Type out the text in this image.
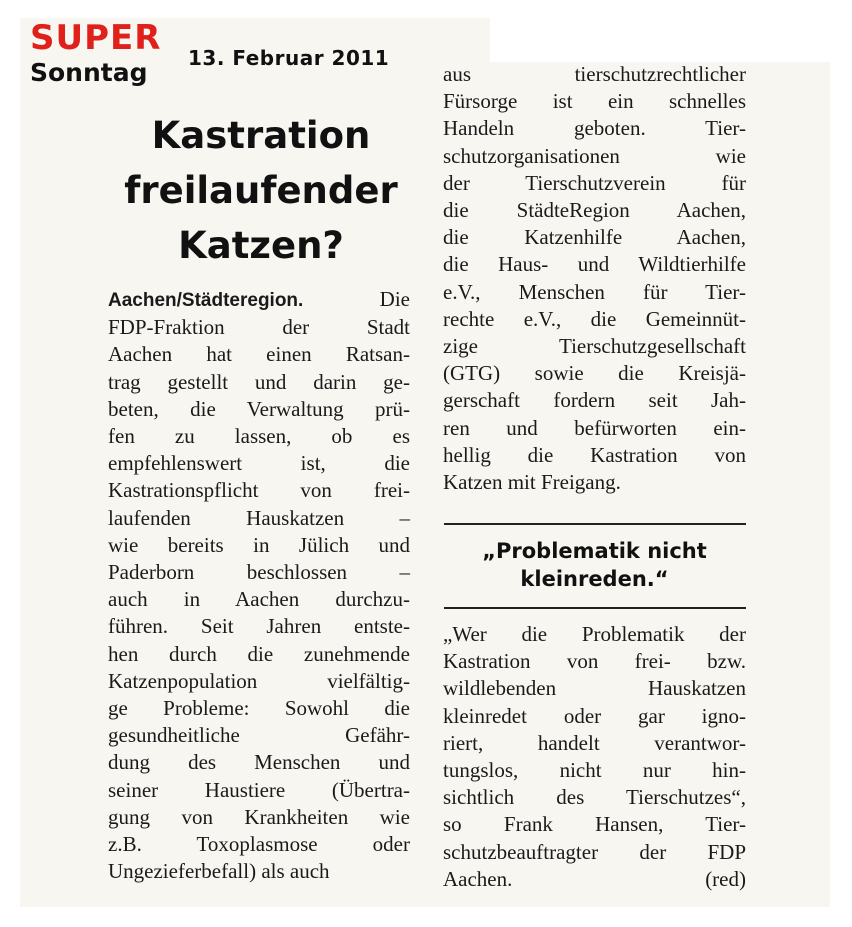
SUPER
Sonntag 13. Februar 2011
Kastration
freilaufender
Katzen?
Aachen/Städteregion.	Die
FDP-Fraktion der Stadt
Aachen hat einen Ratsan-
trag gestellt und darin ge-
beten, die Verwaltung prü-
fen zu lassen, ob es
empfehlenswert ist, die
Kastrationspflicht von frei-
laufenden Hauskatzen –
wie bereits in Jülich und
Paderborn beschlossen –
auch in Aachen durchzu-
führen. Seit Jahren entste-
hen durch die zunehmende
Katzenpopulation vielfältig-
ge Probleme: Sowohl die
gesundheitliche Gefähr-
dung des Menschen und
seiner Haustiere (Übertra-
gung von Krankheiten wie
z.B. Toxoplasmose oder
Ungezieferbefall) als auch
aus tierschutzrechtlicher
Fürsorge ist ein schnelles
Handeln geboten. Tier-
schutzorganisationen wie
der Tierschutzverein für
die StädteRegion Aachen,
die Katzenhilfe Aachen,
die Haus- und Wildtierhilfe
e.V., Menschen für Tier-
rechte e.V., die Gemeinnüt-
zige Tierschutzgesellschaft
(GTG) sowie die Kreisjä-
gerschaft fordern seit Jah-
ren und befürworten ein-
hellig die Kastration von
Katzen mit Freigang.
„Problematik nicht
kleinreden.“
„Wer die Problematik der
Kastration von frei- bzw.
wildlebenden Hauskatzen
kleinredet oder gar igno-
riert, handelt verantwor-
tungslos, nicht nur hin-
sichtlich des Tierschutzes“,
so Frank Hansen, Tier-
schutzbeauftragter der FDP
Aachen.	(red)
